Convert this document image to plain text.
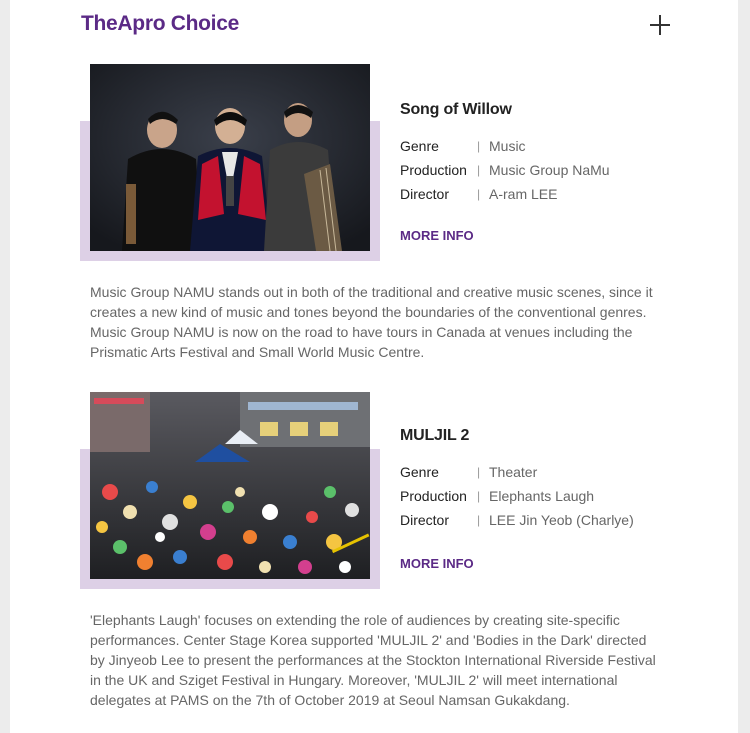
TheApro Choice
Song of Willow
Genre	| Music
Production | Music Group NaMu
Director	| A-ram LEE
MORE INFO
Music Group NAMU stands out in both of the traditional and creative music scenes, since it creates a new kind of music and tones beyond the boundaries of the conventional genres. Music Group NAMU is now on the road to have tours in Canada at venues including the Prismatic Arts Festival and Small World Music Centre.
MULJIL 2
Genre	| Theater
Production | Elephants Laugh
Director	| LEE Jin Yeob (Charlye)
MORE INFO
'Elephants Laugh' focuses on extending the role of audiences by creating site-specific performances. Center Stage Korea supported 'MULJIL 2' and 'Bodies in the Dark' directed by Jinyeob Lee to present the performances at the Stockton International Riverside Festival in the UK and Sziget Festival in Hungary. Moreover, 'MULJIL 2' will meet international delegates at PAMS on the 7th of October 2019 at Seoul Namsan Gukakdang.
